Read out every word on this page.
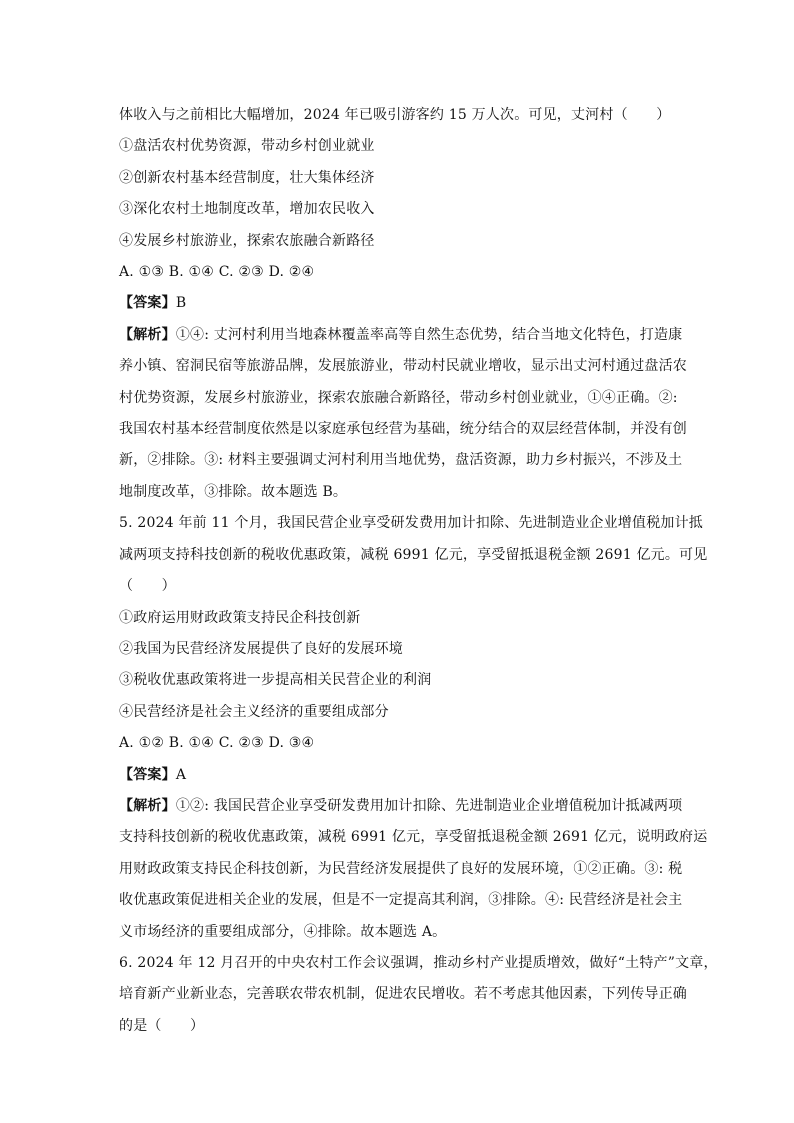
体收入与之前相比大幅增加，2024 年已吸引游客约 15 万人次。可见，丈河村（　　）
①盘活农村优势资源，带动乡村创业就业
②创新农村基本经营制度，壮大集体经济
③深化农村土地制度改革，增加农民收入
④发展乡村旅游业，探索农旅融合新路径
A. ①③ B. ①④ C. ②③ D. ②④
【答案】B
【解析】①④: 丈河村利用当地森林覆盖率高等自然生态优势，结合当地文化特色，打造康
养小镇、窑洞民宿等旅游品牌，发展旅游业，带动村民就业增收，显示出丈河村通过盘活农
村优势资源，发展乡村旅游业，探索农旅融合新路径，带动乡村创业就业，①④正确。②:
我国农村基本经营制度依然是以家庭承包经营为基础，统分结合的双层经营体制，并没有创
新，②排除。③: 材料主要强调丈河村利用当地优势，盘活资源，助力乡村振兴，不涉及土
地制度改革，③排除。故本题选 B。
5. 2024 年前 11 个月，我国民营企业享受研发费用加计扣除、先进制造业企业增值税加计抵
减两项支持科技创新的税收优惠政策，减税 6991 亿元，享受留抵退税金额 2691 亿元。可见
（　　）
①政府运用财政政策支持民企科技创新
②我国为民营经济发展提供了良好的发展环境
③税收优惠政策将进一步提高相关民营企业的利润
④民营经济是社会主义经济的重要组成部分
A. ①② B. ①④ C. ②③ D. ③④
【答案】A
【解析】①②: 我国民营企业享受研发费用加计扣除、先进制造业企业增值税加计抵减两项
支持科技创新的税收优惠政策，减税 6991 亿元，享受留抵退税金额 2691 亿元，说明政府运
用财政政策支持民企科技创新，为民营经济发展提供了良好的发展环境，①②正确。③: 税
收优惠政策促进相关企业的发展，但是不一定提高其利润，③排除。④: 民营经济是社会主
义市场经济的重要组成部分，④排除。故本题选 A。
6. 2024 年 12 月召开的中央农村工作会议强调，推动乡村产业提质增效，做好“土特产”文章，
培育新产业新业态，完善联农带农机制，促进农民增收。若不考虑其他因素，下列传导正确
的是（　　）
